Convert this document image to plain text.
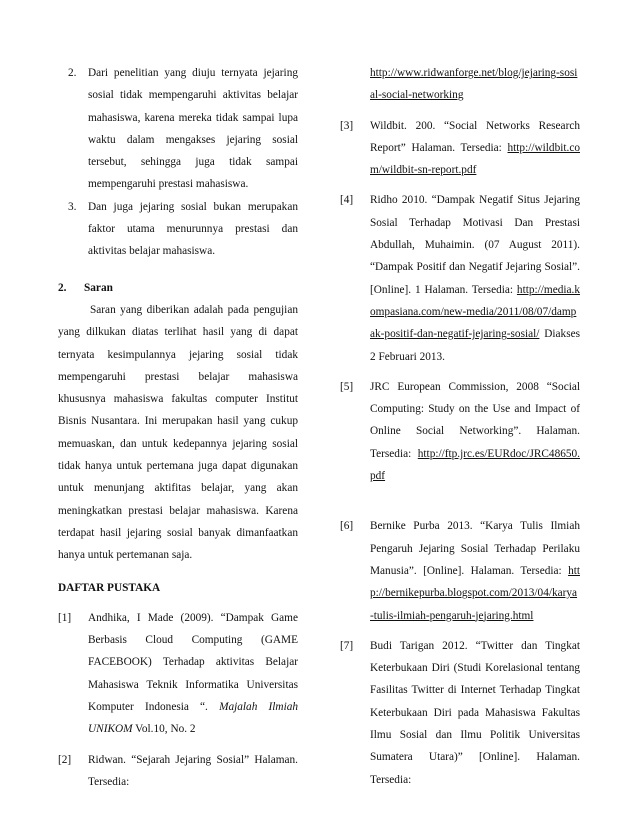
2. Dari penelitian yang diuju ternyata jejaring sosial tidak mempengaruhi aktivitas belajar mahasiswa, karena mereka tidak sampai lupa waktu dalam mengakses jejaring sosial tersebut, sehingga juga tidak sampai mempengaruhi prestasi mahasiswa.
3. Dan juga jejaring sosial bukan merupakan faktor utama menurunnya prestasi dan aktivitas belajar mahasiswa.
2. Saran
Saran yang diberikan adalah pada pengujian yang dilkukan diatas terlihat hasil yang di dapat ternyata kesimpulannya jejaring sosial tidak mempengaruhi prestasi belajar mahasiswa khususnya mahasiswa fakultas computer Institut Bisnis Nusantara. Ini merupakan hasil yang cukup memuaskan, dan untuk kedepannya jejaring sosial tidak hanya untuk pertemana juga dapat digunakan untuk menunjang aktifitas belajar, yang akan meningkatkan prestasi belajar mahasiswa. Karena terdapat hasil jejaring sosial banyak dimanfaatkan hanya untuk pertemanan saja.
DAFTAR PUSTAKA
[1] Andhika, I Made (2009). “Dampak Game Berbasis Cloud Computing (GAME FACEBOOK) Terhadap aktivitas Belajar Mahasiswa Teknik Informatika Universitas Komputer Indonesia “. Majalah Ilmiah UNIKOM Vol.10, No. 2
[2] Ridwan. “Sejarah Jejaring Sosial” Halaman. Tersedia:
http://www.ridwanforge.net/blog/jejaring-sosial-social-networking
[3] Wildbit. 200. “Social Networks Research Report” Halaman. Tersedia: http://wildbit.com/wildbit-sn-report.pdf
[4] Ridho 2010. “Dampak Negatif Situs Jejaring Sosial Terhadap Motivasi Dan Prestasi Abdullah, Muhaimin. (07 August 2011). “Dampak Positif dan Negatif Jejaring Sosial”. [Online]. 1 Halaman. Tersedia: http://media.kompasiana.com/new-media/2011/08/07/dampak-positif-dan-negatif-jejaring-sosial/ Diakses 2 Februari 2013.
[5] JRC European Commission, 2008 “Social Computing: Study on the Use and Impact of Online Social Networking”. Halaman. Tersedia: http://ftp.jrc.es/EURdoc/JRC48650.pdf
[6] Bernike Purba 2013. “Karya Tulis Ilmiah Pengaruh Jejaring Sosial Terhadap Perilaku Manusia”. [Online]. Halaman. Tersedia: http://bernikepurba.blogspot.com/2013/04/karya-tulis-ilmiah-pengaruh-jejaring.html
[7] Budi Tarigan 2012. “Twitter dan Tingkat Keterbukaan Diri (Studi Korelasional tentang Fasilitas Twitter di Internet Terhadap Tingkat Keterbukaan Diri pada Mahasiswa Fakultas Ilmu Sosial dan Ilmu Politik Universitas Sumatera Utara)” [Online]. Halaman. Tersedia:
